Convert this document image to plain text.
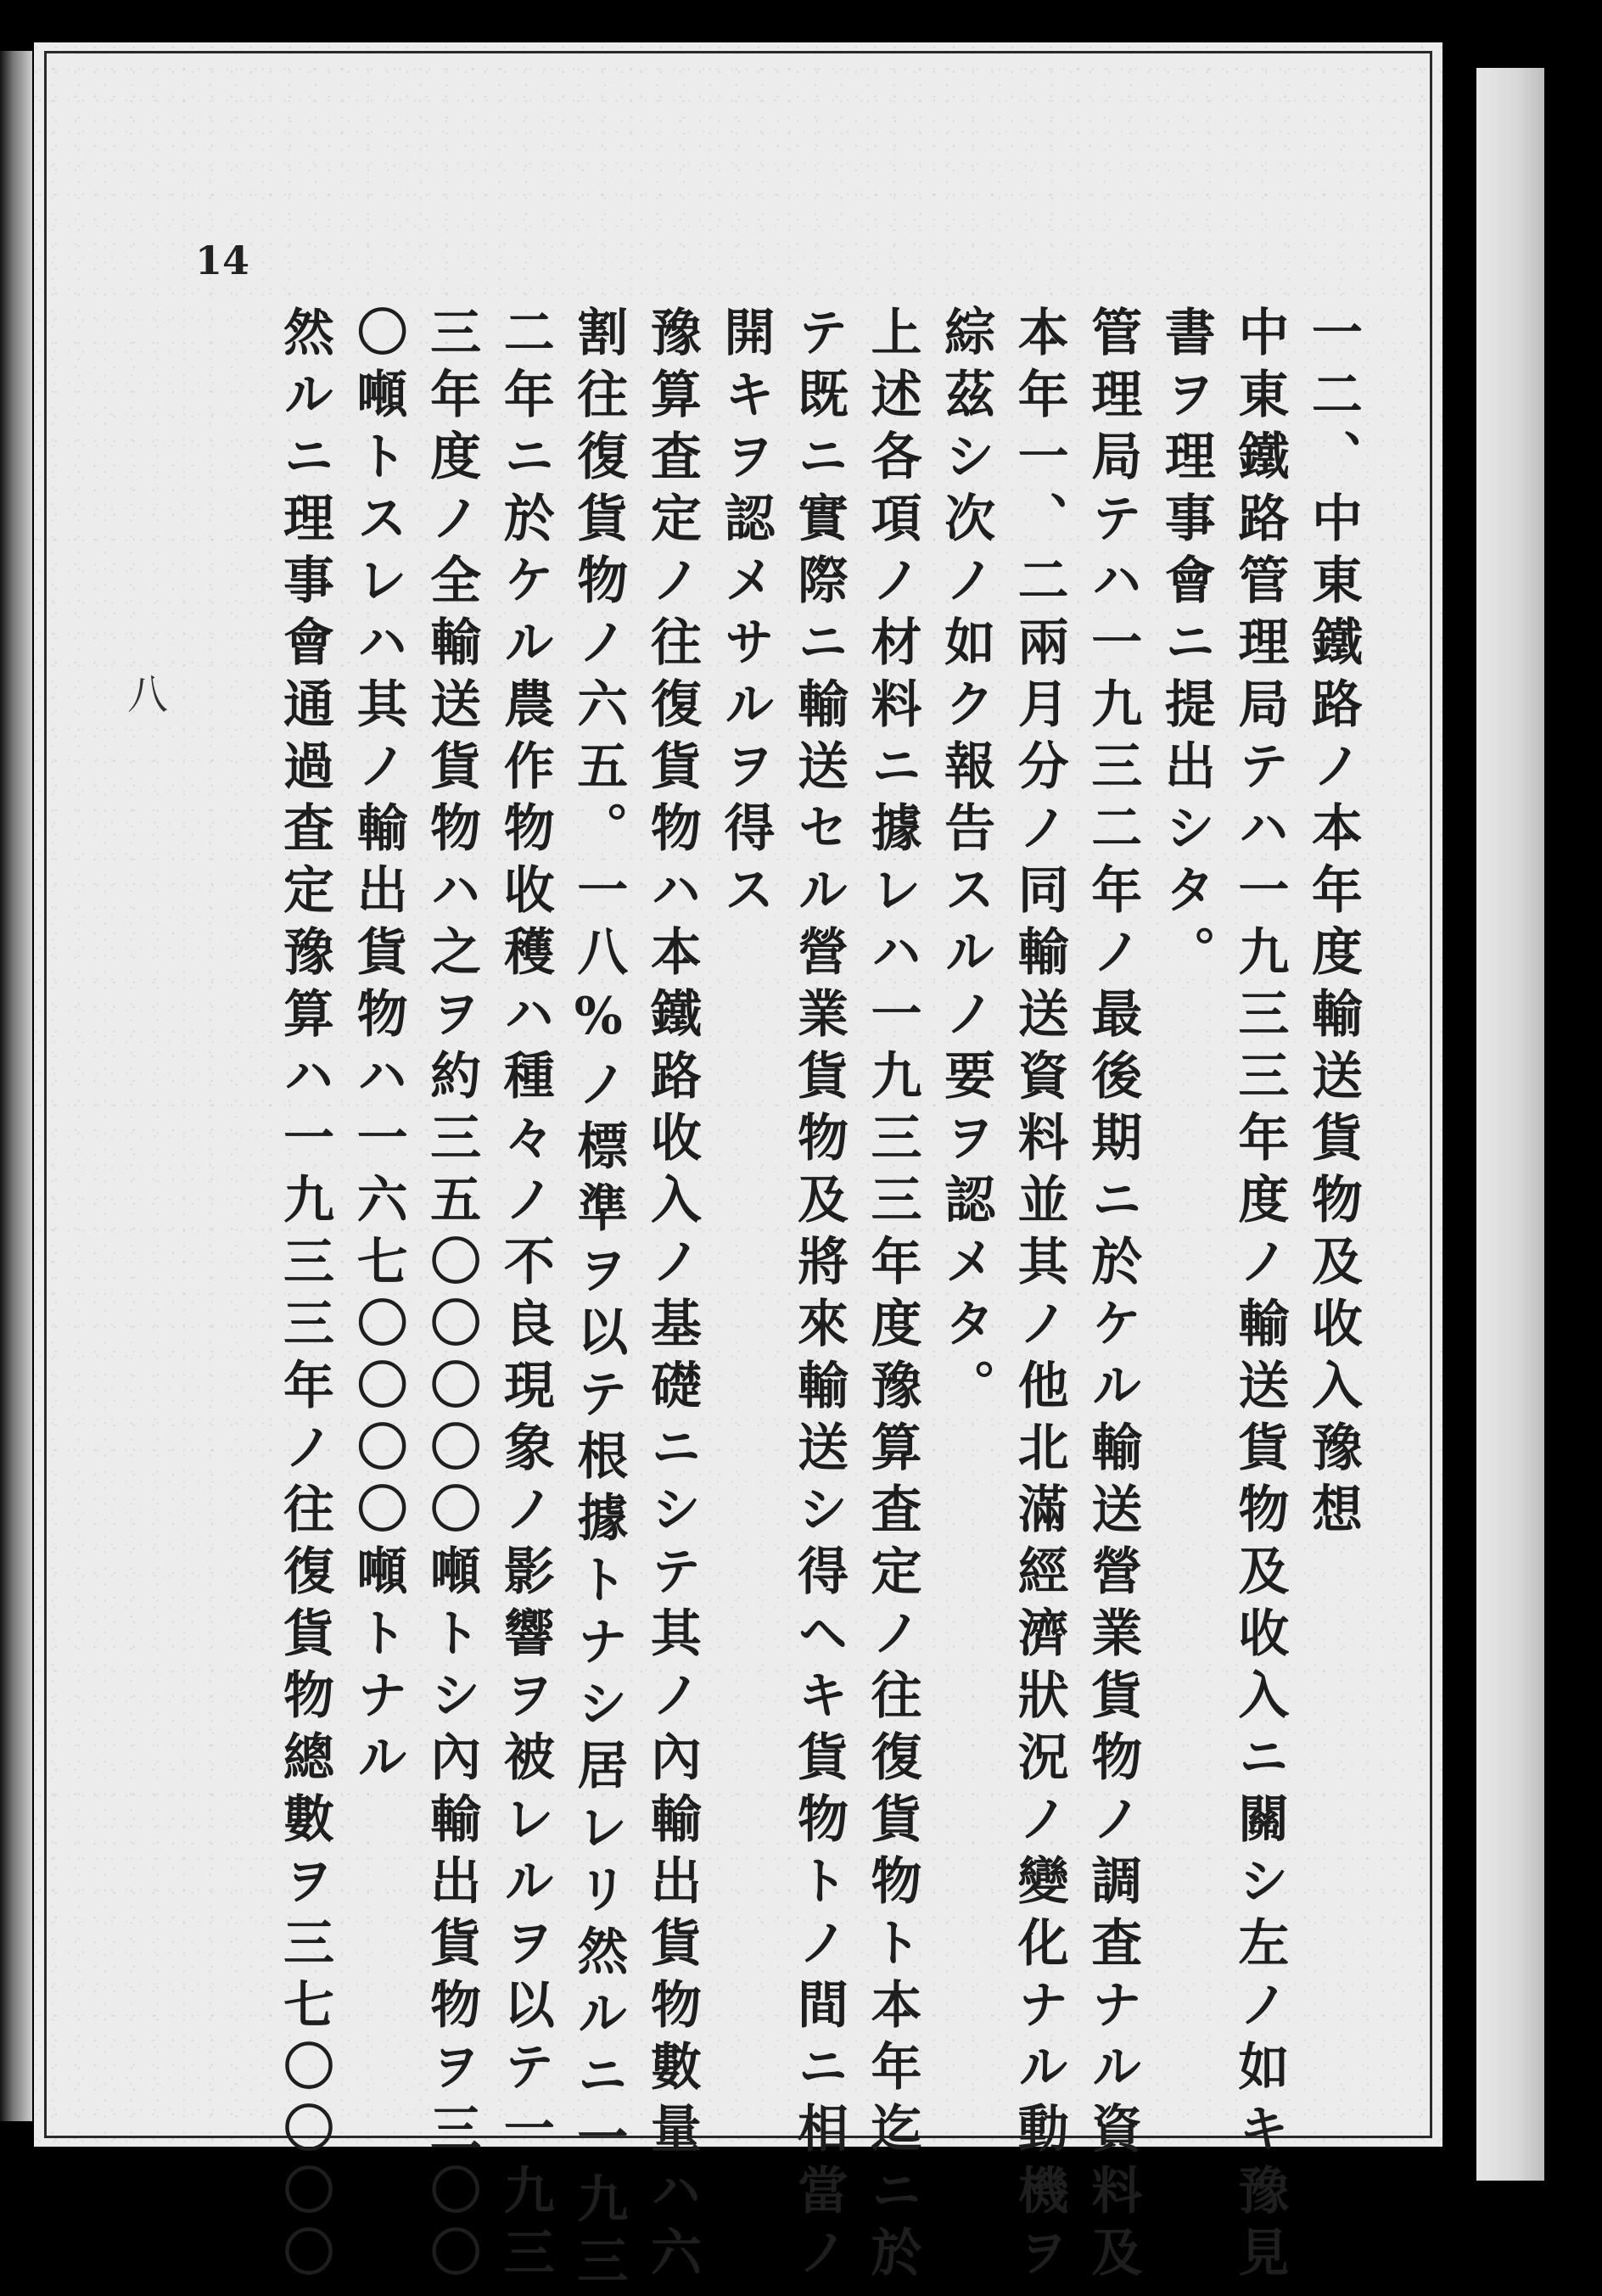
14
八	一二、中東鐵路ノ本年度輸送貨物及收入豫想
中東鐵路管理局テハ一九三三年度ノ輸送貨物及收入ニ關シ左ノ如キ豫見
書ヲ理事會ニ提出シタ。
管理局テハ一九三二年ノ最後期ニ於ケル輸送營業貨物ノ調査ナル資料及
本年一、二兩月分ノ同輸送資料並其ノ他北滿經濟狀況ノ變化ナル動機ヲ
綜茲シ次ノ如ク報告スルノ要ヲ認メタ。
上述各項ノ材料ニ據レハ一九三三年度豫算査定ノ往復貨物ト本年迄ニ於
テ既ニ實際ニ輸送セル營業貨物及將來輸送シ得ヘキ貨物トノ間ニ相當ノ
開キヲ認メサルヲ得ス
豫算査定ノ往復貨物ハ本鐵路收入ノ基礎ニシテ其ノ內輸出貨物數量ハ六
割往復貨物ノ六五。一八%ノ標準ヲ以テ根據トナシ居レリ然ルニ一九三
二年ニ於ケル農作物收穫ハ種々ノ不良現象ノ影響ヲ被レルヲ以テ一九三
三年度ノ全輸送貨物ハ之ヲ約三五〇〇〇〇〇噸トシ內輸出貨物ヲ三〇〇
〇噸トスレハ其ノ輸出貨物ハ一六七〇〇〇〇噸トナル
然ルニ理事會通過査定豫算ハ一九三三年ノ往復貨物總數ヲ三七〇〇〇〇
